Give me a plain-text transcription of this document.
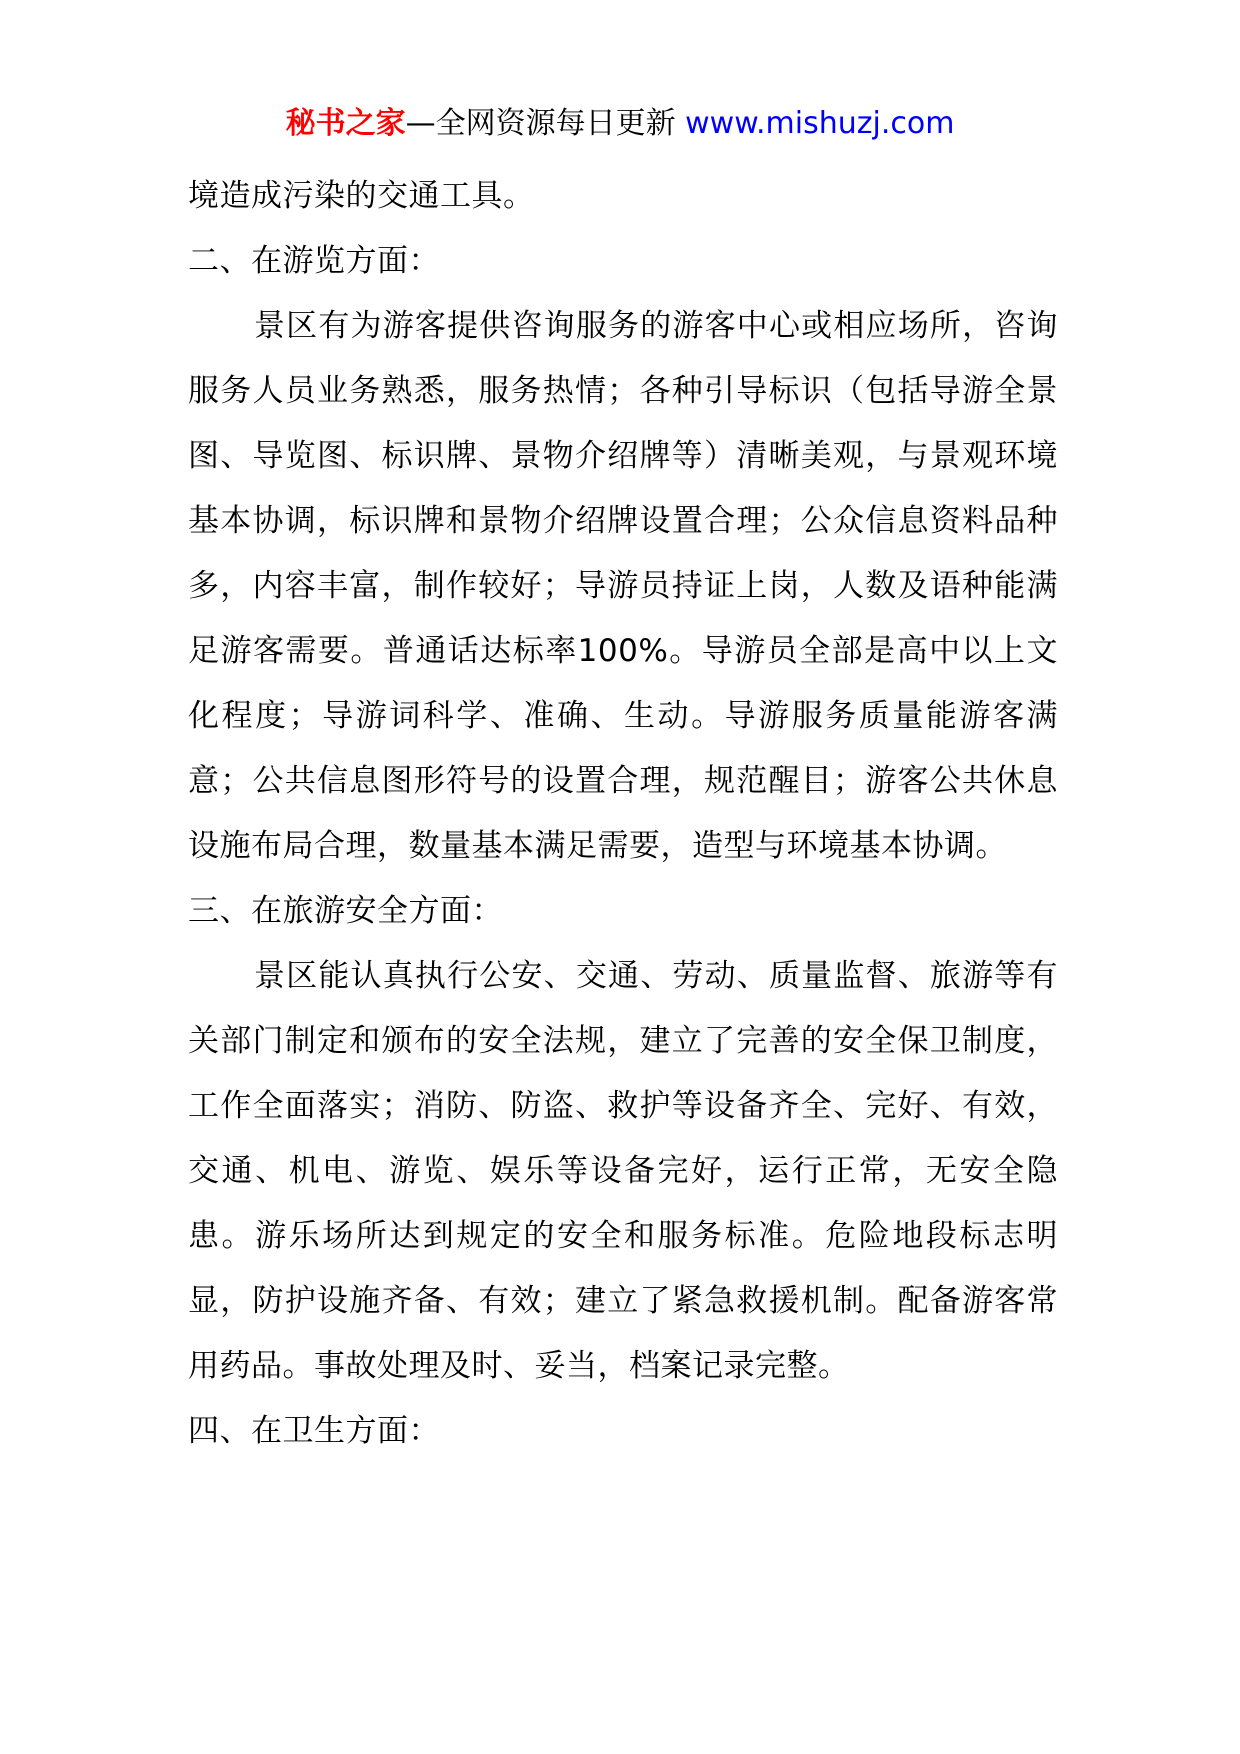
秘书之家—全网资源每日更新 www.mishuzj.com

境造成污染的交通工具。

二、在游览方面：

景区有为游客提供咨询服务的游客中心或相应场所，咨询服务人员业务熟悉，服务热情；各种引导标识（包括导游全景图、导览图、标识牌、景物介绍牌等）清晰美观，与景观环境基本协调，标识牌和景物介绍牌设置合理；公众信息资料品种多，内容丰富，制作较好；导游员持证上岗，人数及语种能满足游客需要。普通话达标率100%。导游员全部是高中以上文化程度；导游词科学、准确、生动。导游服务质量能游客满意；公共信息图形符号的设置合理，规范醒目；游客公共休息设施布局合理，数量基本满足需要，造型与环境基本协调。

三、在旅游安全方面：

景区能认真执行公安、交通、劳动、质量监督、旅游等有关部门制定和颁布的安全法规，建立了完善的安全保卫制度，工作全面落实；消防、防盗、救护等设备齐全、完好、有效，交通、机电、游览、娱乐等设备完好，运行正常，无安全隐患。游乐场所达到规定的安全和服务标准。危险地段标志明显，防护设施齐备、有效；建立了紧急救援机制。配备游客常用药品。事故处理及时、妥当，档案记录完整。

四、在卫生方面：
